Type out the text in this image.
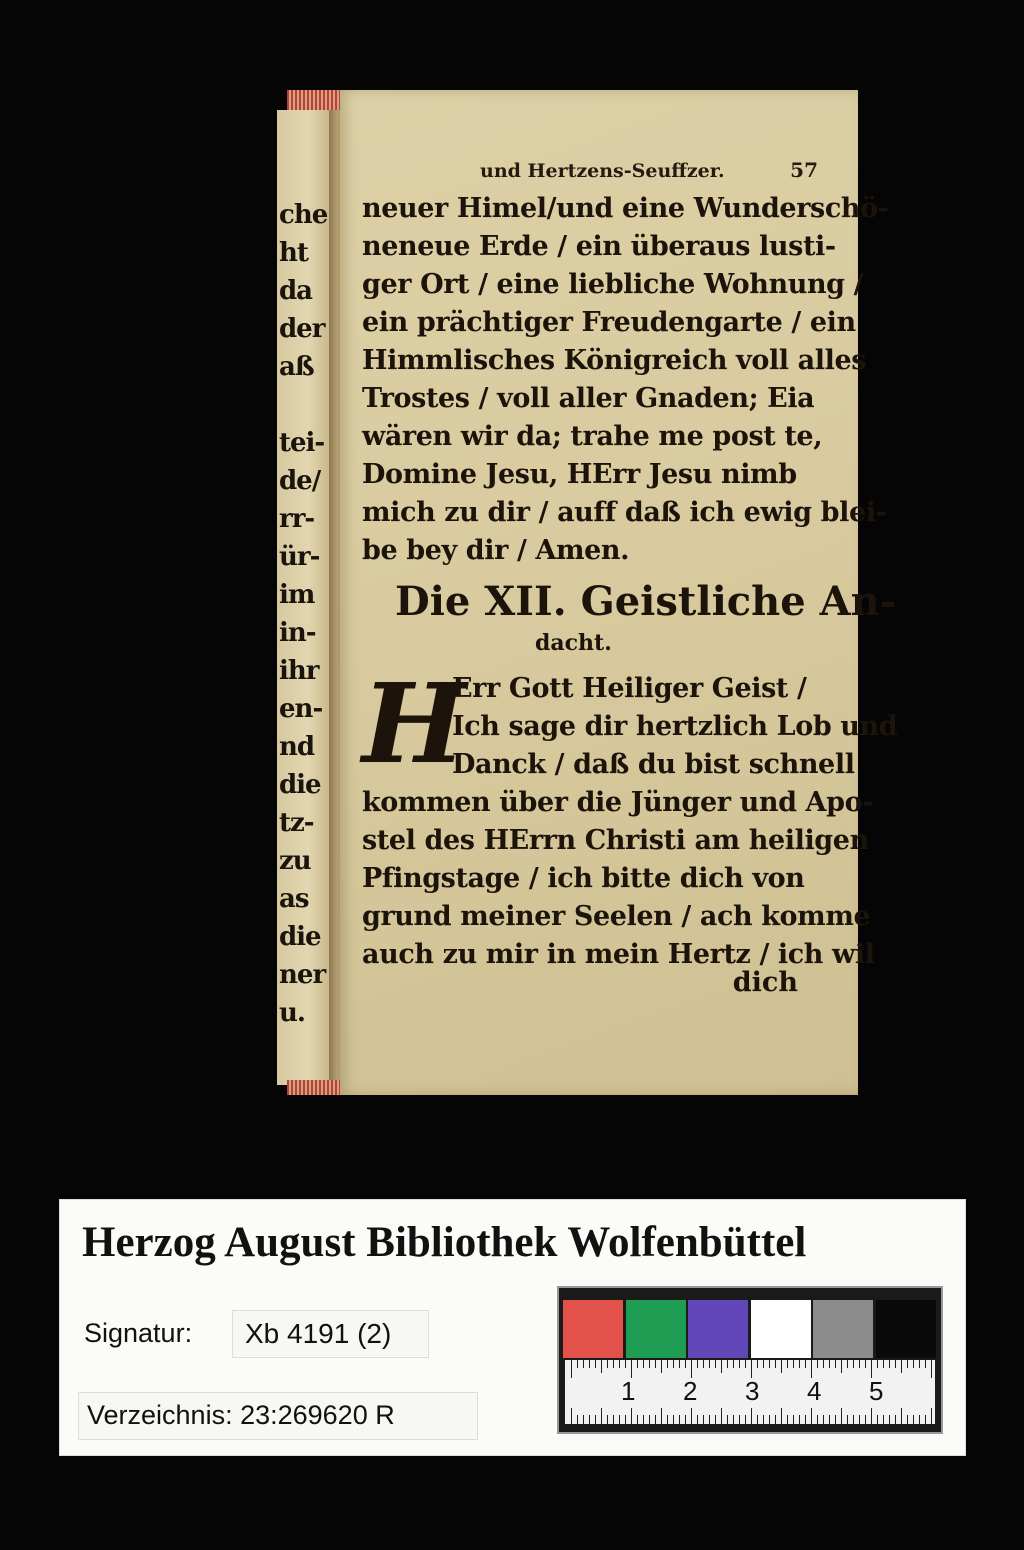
che
ht
da
der
aß
tei-
de/
rr-
ür-
im
in-
ihr
en-
nd
die
tz-
zu
as
die
ner
u.
und Hertzens-Seuffzer.	57
neuer Himel/und eine Wunderschö-
neneue Erde / ein überaus lusti-
ger Ort / eine liebliche Wohnung /
ein prächtiger Freudengarte / ein
Himmlisches Königreich voll alles
Trostes / voll aller Gnaden; Eia
wären wir da; trahe me post te,
Domine Jesu, HErr Jesu nimb
mich zu dir / auff daß ich ewig blei-
be bey dir / Amen.
Die XII. Geistliche An-
dacht.
H
Err Gott Heiliger Geist /
Ich sage dir hertzlich Lob und
Danck / daß du bist schnell
kommen über die Jünger und Apo-
stel des HErrn Christi am heiligen
Pfingstage / ich bitte dich von
grund meiner Seelen / ach komme
auch zu mir in mein Hertz / ich wil
dich
Herzog August Bibliothek Wolfenbüttel
Signatur: Xb 4191 (2)
Verzeichnis: 23:269620 R
1 2 3 4 5
